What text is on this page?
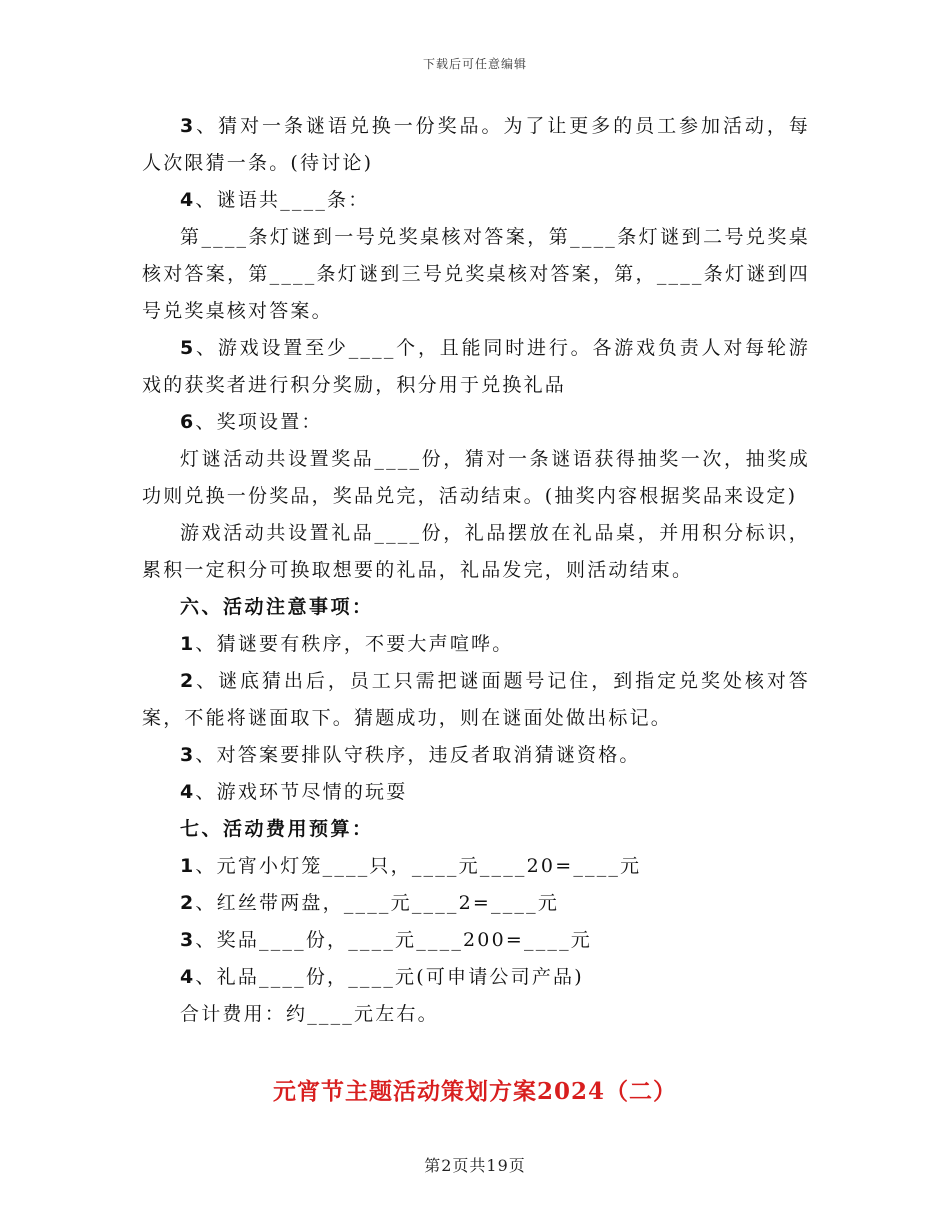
下载后可任意编辑

3、猜对一条谜语兑换一份奖品。为了让更多的员工参加活动，每人次限猜一条。(待讨论)

4、谜语共____条：

第____条灯谜到一号兑奖桌核对答案，第____条灯谜到二号兑奖桌核对答案，第____条灯谜到三号兑奖桌核对答案，第，____条灯谜到四号兑奖桌核对答案。

5、游戏设置至少____个，且能同时进行。各游戏负责人对每轮游戏的获奖者进行积分奖励，积分用于兑换礼品

6、奖项设置：

灯谜活动共设置奖品____份，猜对一条谜语获得抽奖一次，抽奖成功则兑换一份奖品，奖品兑完，活动结束。(抽奖内容根据奖品来设定)

游戏活动共设置礼品____份，礼品摆放在礼品桌，并用积分标识，累积一定积分可换取想要的礼品，礼品发完，则活动结束。

六、活动注意事项：

1、猜谜要有秩序，不要大声喧哗。

2、谜底猜出后，员工只需把谜面题号记住，到指定兑奖处核对答案，不能将谜面取下。猜题成功，则在谜面处做出标记。

3、对答案要排队守秩序，违反者取消猜谜资格。

4、游戏环节尽情的玩耍

七、活动费用预算：

1、元宵小灯笼____只，____元____20=____元

2、红丝带两盘，____元____2=____元

3、奖品____份，____元____200=____元

4、礼品____份，____元(可申请公司产品)

合计费用：约____元左右。

元宵节主题活动策划方案2024（二）
第2页共19页
